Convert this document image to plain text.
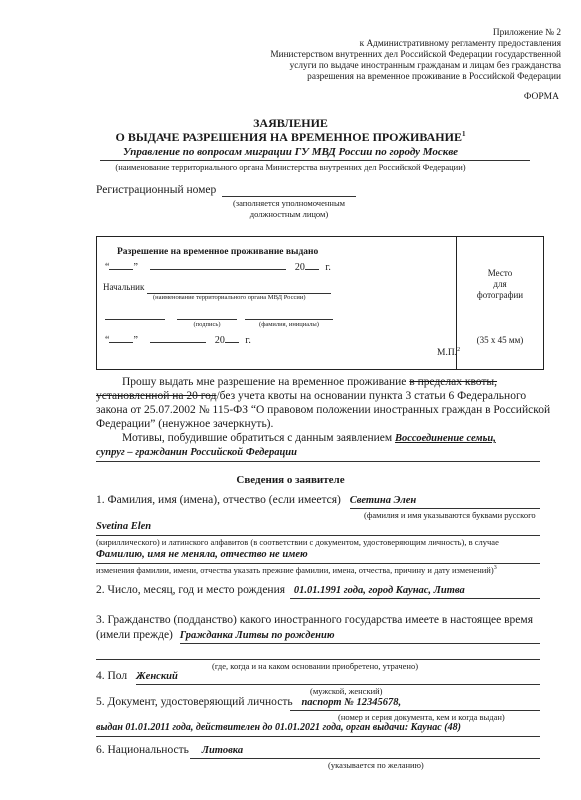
Приложение № 2
к Административному регламенту предоставления
Министерством внутренних дел Российской Федерации государственной
услуги по выдаче иностранным гражданам и лицам без гражданства
разрешения на временное проживание в Российской Федерации
ФОРМА
ЗАЯВЛЕНИЕ
О ВЫДАЧЕ РАЗРЕШЕНИЯ НА ВРЕМЕННОЕ ПРОЖИВАНИЕ$^1$
Управление по вопросам миграции ГУ МВД России по городу Москве
(наименование территориального органа Министерства внутренних дел Российской Федерации)
Регистрационный номер
(заполняется уполномоченным
должностным лицом)
Разрешение на временное проживание выдано
“ ”	20 г.
Начальник
(наименование территориального органа МВД России)
(подпись)	(фамилия, инициалы)
“ ”	20 г.
М.П.$^2$
Место
для
фотографии
(35 х 45 мм)
Прошу выдать мне разрешение на временное проживание в пределах квоты,
установленной на 20 год/без учета квоты на основании пункта 3 статьи 6 Федерального
закона от 25.07.2002 № 115-ФЗ “О правовом положении иностранных граждан в Российской
Федерации” (ненужное зачеркнуть).
Мотивы, побудившие обратиться с данным заявлением Воссоединение семьи,
супруг – гражданин Российской Федерации
Сведения о заявителе
1. Фамилия, имя (имена), отчество (если имеется) Светина Элен
(фамилия и имя указываются буквами русского
Svetina Elen
(кириллического) и латинского алфавитов (в соответствии с документом, удостоверяющим личность), в случае
Фамилию, имя не меняла, отчество не имею
изменения фамилии, имени, отчества указать прежние фамилии, имена, отчества, причину и дату изменений)$^3$
2. Число, месяц, год и место рождения 01.01.1991 года, город Каунас, Литва
3. Гражданство (подданство) какого иностранного государства имеете в настоящее время
(имели прежде) Гражданка Литвы по рождению
(где, когда и на каком основании приобретено, утрачено)
4. Пол Женский
(мужской, женский)
5. Документ, удостоверяющий личность паспорт № 12345678,
(номер и серия документа, кем и когда выдан)
выдан 01.01.2011 года, действителен до 01.01.2021 года, орган выдачи: Каунас (48)
6. Национальность Литовка
(указывается по желанию)
